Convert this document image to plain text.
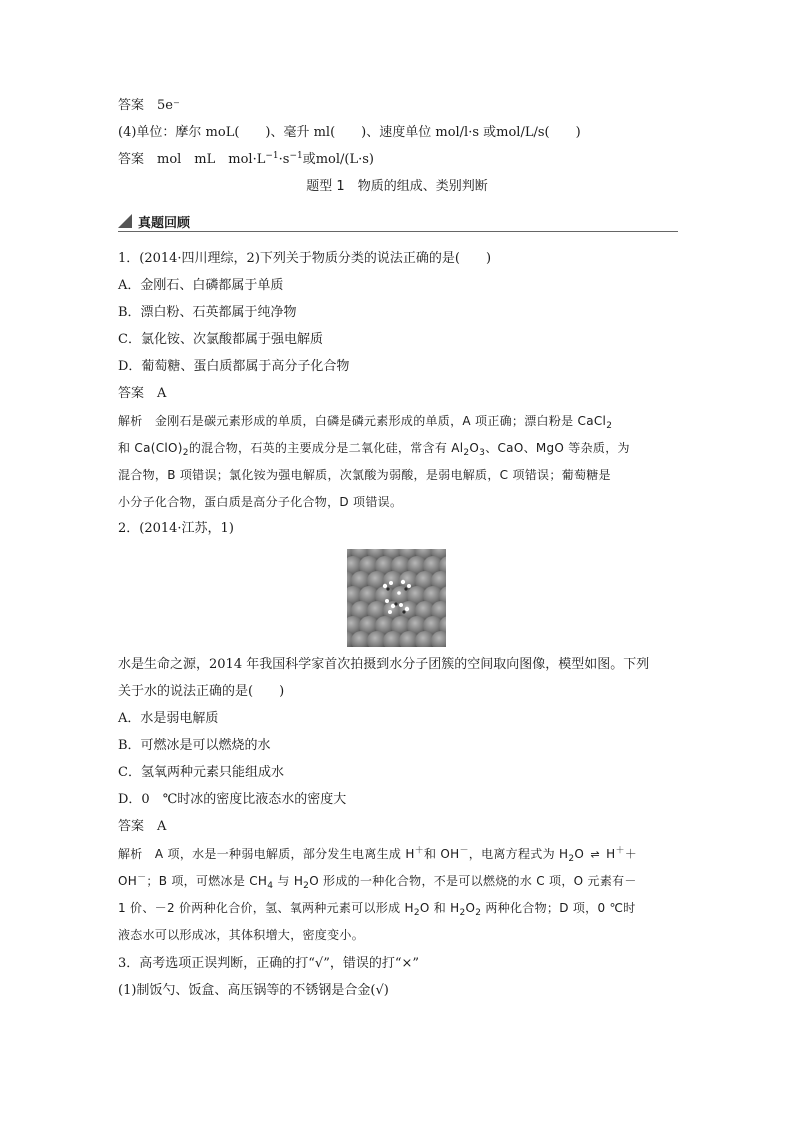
答案　5e⁻
(4)单位：摩尔 moL(　　)、毫升 ml(　　)、速度单位 mol/l·s 或mol/L/s(　　)
答案　mol　mL　$mol\cdot L^{-1}\cdot s^{-1}$或mol/(L·s)
题型 1　物质的组成、类别判断
真题回顾
1．(2014·四川理综，2)下列关于物质分类的说法正确的是(　　)
A．金刚石、白磷都属于单质
B．漂白粉、石英都属于纯净物
C．氯化铵、次氯酸都属于强电解质
D．葡萄糖、蛋白质都属于高分子化合物
答案　A
解析　金刚石是碳元素形成的单质，白磷是磷元素形成的单质，A 项正确；漂白粉是 CaCl$_2$
和 $Ca(ClO)_2$的混合物，石英的主要成分是二氧化硅，常含有 $Al_2O_3$、CaO、MgO 等杂质，为
混合物，B 项错误；氯化铵为强电解质，次氯酸为弱酸，是弱电解质，C 项错误；葡萄糖是
小分子化合物，蛋白质是高分子化合物，D 项错误。
2．(2014·江苏，1)
水是生命之源，2014 年我国科学家首次拍摄到水分子团簇的空间取向图像，模型如图。下列
关于水的说法正确的是(　　)
A．水是弱电解质
B．可燃冰是可以燃烧的水
C．氢氧两种元素只能组成水
D．0　℃时冰的密度比液态水的密度大
答案　A
解析　A 项，水是一种弱电解质，部分发生电离生成 H＋和 OH－，电离方程式为 $H_2O$ ⇌ H＋＋
OH－；B 项，可燃冰是 $CH_4$ 与 $H_2O$ 形成的一种化合物，不是可以燃烧的水 C 项，O 元素有－
1 价、－2 价两种化合价，氢、氧两种元素可以形成 $H_2O$ 和 $H_2O_2$ 两种化合物；D 项，0 ℃时
液态水可以形成冰，其体积增大，密度变小。
3．高考选项正误判断，正确的打“√”，错误的打“×”
(1)制饭勺、饭盒、高压锅等的不锈钢是合金(√)
